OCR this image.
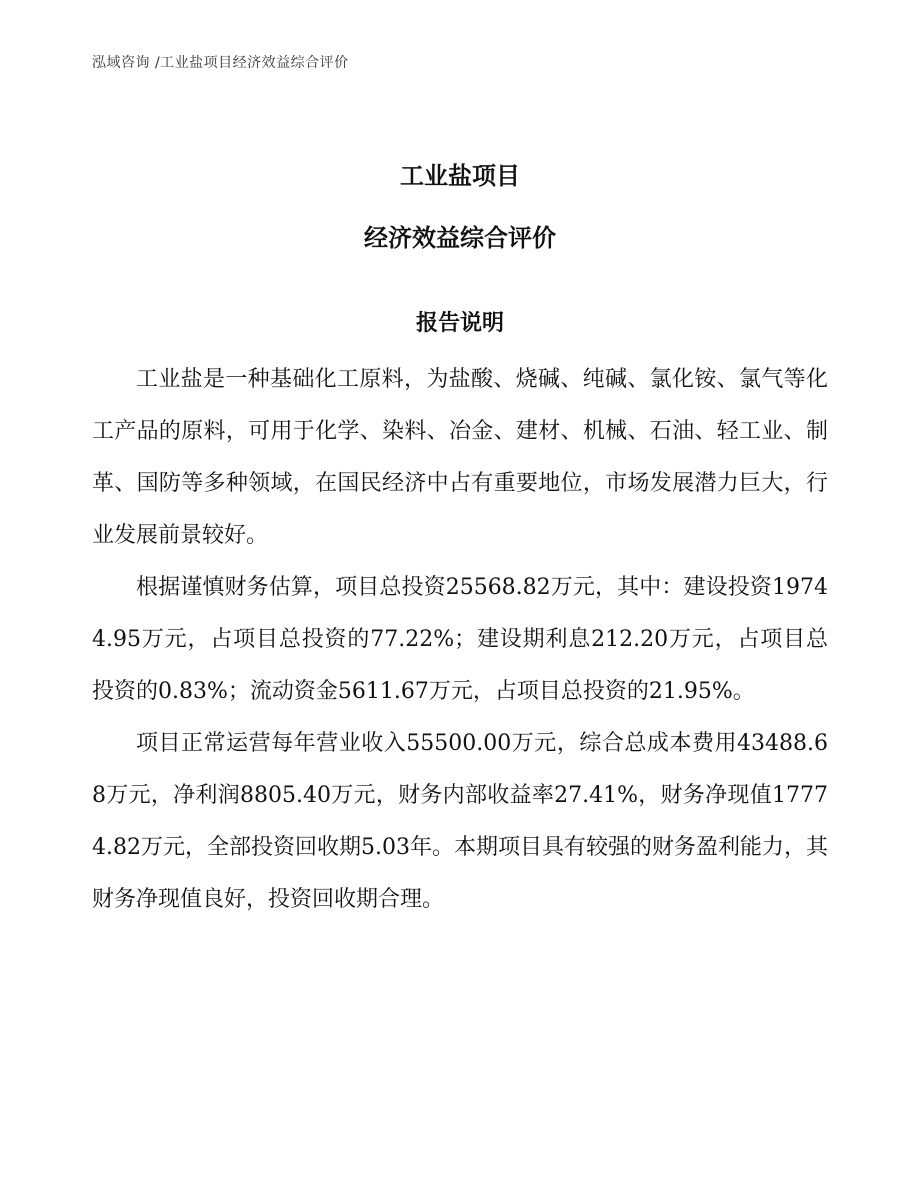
泓域咨询 /工业盐项目经济效益综合评价
工业盐项目
经济效益综合评价
报告说明

工业盐是一种基础化工原料，为盐酸、烧碱、纯碱、氯化铵、氯气等化工产品的原料，可用于化学、染料、冶金、建材、机械、石油、轻工业、制革、国防等多种领域，在国民经济中占有重要地位，市场发展潜力巨大，行业发展前景较好。

根据谨慎财务估算，项目总投资25568.82万元，其中：建设投资19744.95万元，占项目总投资的77.22%；建设期利息212.20万元，占项目总投资的0.83%；流动资金5611.67万元，占项目总投资的21.95%。

项目正常运营每年营业收入55500.00万元，综合总成本费用43488.68万元，净利润8805.40万元，财务内部收益率27.41%，财务净现值17774.82万元，全部投资回收期5.03年。本期项目具有较强的财务盈利能力，其财务净现值良好，投资回收期合理。
